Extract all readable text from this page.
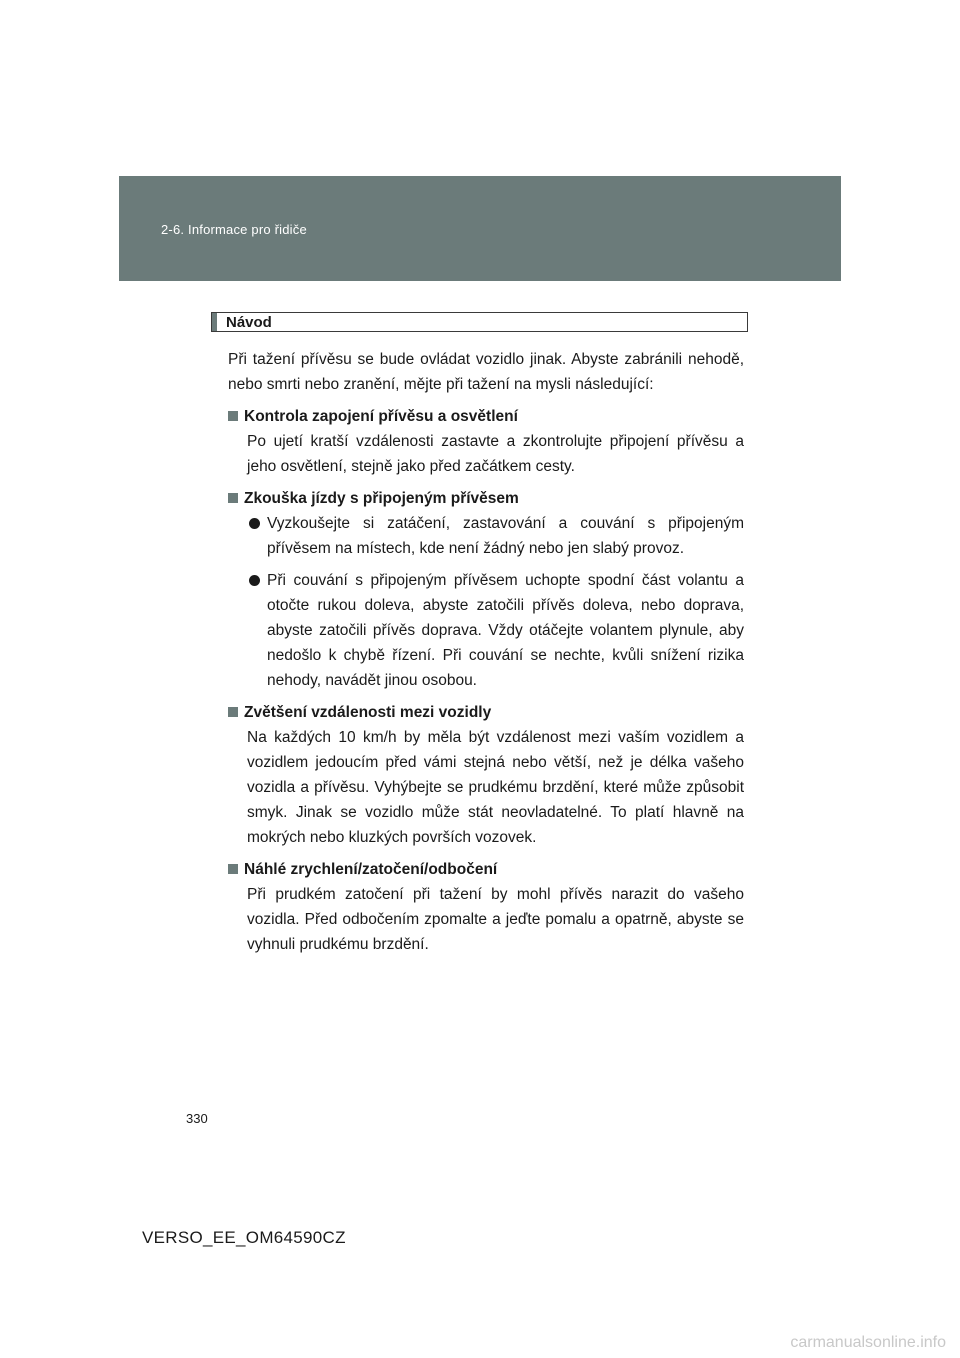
2-6. Informace pro řidiče
Návod

Při tažení přívěsu se bude ovládat vozidlo jinak. Abyste zabránili nehodě, nebo smrti nebo zranění, mějte při tažení na mysli následující:

Kontrola zapojení přívěsu a osvětlení

Po ujetí kratší vzdálenosti zastavte a zkontrolujte připojení přívěsu a jeho osvětlení, stejně jako před začátkem cesty.

Zkouška jízdy s připojeným přívěsem
Vyzkoušejte si zatáčení, zastavování a couvání s připojeným přívěsem na místech, kde není žádný nebo jen slabý provoz.
Při couvání s připojeným přívěsem uchopte spodní část volantu a otočte rukou doleva, abyste zatočili přívěs doleva, nebo doprava, abyste zatočili přívěs doprava. Vždy otáčejte volantem plynule, aby nedošlo k chybě řízení. Při couvání se nechte, kvůli snížení rizika nehody, navádět jinou osobou.
Zvětšení vzdálenosti mezi vozidly

Na každých 10 km/h by měla být vzdálenost mezi vaším vozidlem a vozidlem jedoucím před vámi stejná nebo větší, než je délka vašeho vozidla a přívěsu. Vyhýbejte se prudkému brzdění, které může způsobit smyk. Jinak se vozidlo může stát neovladatelné. To platí hlavně na mokrých nebo kluzkých površích vozovek.

Náhlé zrychlení/zatočení/odbočení

Při prudkém zatočení při tažení by mohl přívěs narazit do vašeho vozidla. Před odbočením zpomalte a jeďte pomalu a opatrně, abyste se vyhnuli prudkému brzdění.

330
VERSO_EE_OM64590CZ
carmanualsonline.info
